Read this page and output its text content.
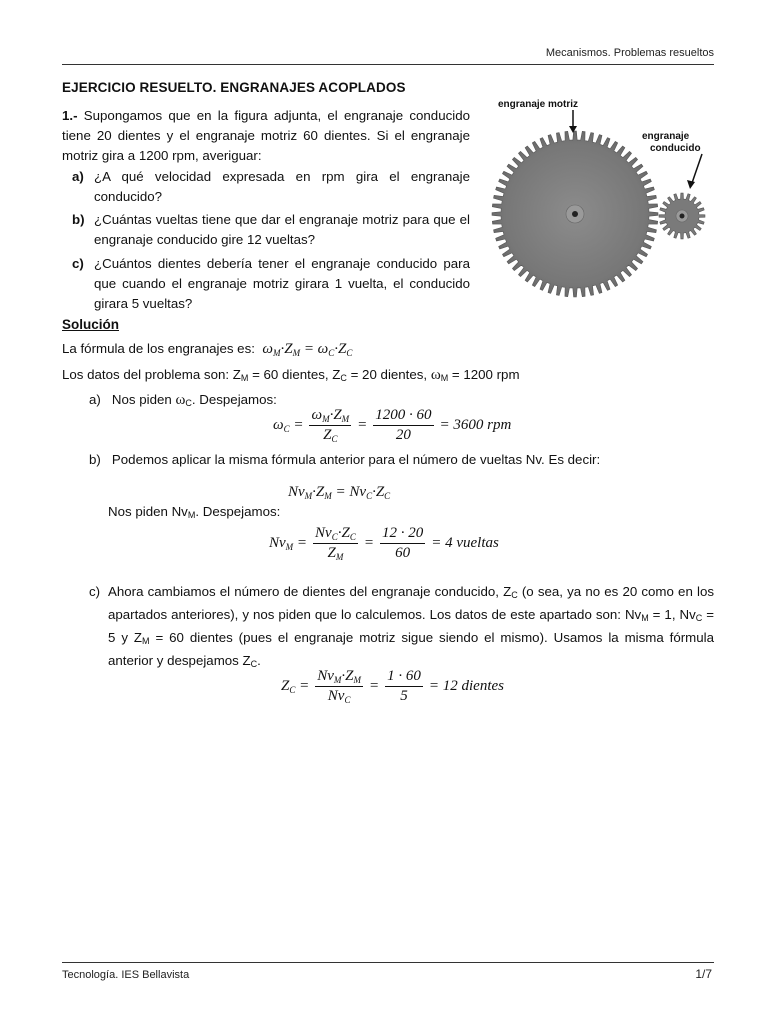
Mecanismos. Problemas resueltos
EJERCICIO RESUELTO. ENGRANAJES ACOPLADOS
1.- Supongamos que en la figura adjunta, el engranaje conducido tiene 20 dientes y el engranaje motriz 60 dientes. Si el engranaje motriz gira a 1200 rpm, averiguar:
a) ¿A qué velocidad expresada en rpm gira el engranaje conducido?
b) ¿Cuántas vueltas tiene que dar el engranaje motriz para que el engranaje conducido gire 12 vueltas?
c) ¿Cuántos dientes debería tener el engranaje conducido para que cuando el engranaje motriz girara 1 vuelta, el conducido girara 5 vueltas?
engranaje motriz
engranaje
conducido
Solución
La fórmula de los engranajes es:  $\omega_M\cdot Z_M = \omega_C\cdot Z_C$
Los datos del problema son: $Z_M = 60$ dientes, $Z_C = 20$ dientes, $\omega_M = 1200$ rpm
a) Nos piden $\omega_C$. Despejamos:
$\omega_C = \frac{\omega_M\cdot Z_M}{Z_C} = \frac{1200 \cdot 60}{20} = 3600$ rpm
b) Podemos aplicar la misma fórmula anterior para el número de vueltas Nv. Es decir:
$Nv_M\cdot Z_M = Nv_C\cdot Z_C$
Nos piden $Nv_M$. Despejamos:
$Nv_M = \frac{Nv_C\cdot Z_C}{Z_M} = \frac{12 \cdot 20}{60} = 4$ vueltas
c) Ahora cambiamos el número de dientes del engranaje conducido, $Z_C$ (o sea, ya no es 20 como en los apartados anteriores), y nos piden que lo calculemos. Los datos de este apartado son: $Nv_M = 1$, $Nv_C = 5$ y $Z_M = 60$ dientes (pues el engranaje motriz sigue siendo el mismo). Usamos la misma fórmula anterior y despejamos $Z_C$.
$Z_C = \frac{Nv_M\cdot Z_M}{Nv_C} = \frac{1 \cdot 60}{5} = 12$ dientes
Tecnología. IES Bellavista	1/7
